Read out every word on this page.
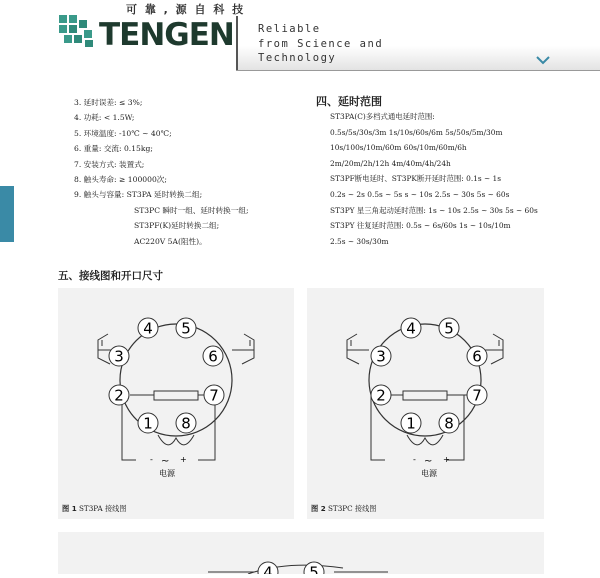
可 靠 , 源 自 科 技
TENGEN Reliable
from Science and
Technology
3. 延时误差: ≤ 3%;
4. 功耗: < 1.5W;
5. 环境温度: -10℃ ~ 40℃;
6. 重量: 交流: 0.15kg;
7. 安装方式: 装置式;
8. 触头寿命: ≥ 100000次;
9. 触头与容量: ST3PA 延时转换二组;
ST3PC 瞬时一组、延时转换一组;
ST3PF(K)延时转换二组;
AC220V 5A(阻性)。
四、延时范围
ST3PA(C)多档式通电延时范围:
0.5s/5s/30s/3m 1s/10s/60s/6m 5s/50s/5m/30m
10s/100s/10m/60m 60s/10m/60m/6h
2m/20m/2h/12h 4m/40m/4h/24h
ST3PF断电延时、ST3PK断开延时范围: 0.1s ~ 1s
0.2s ~ 2s 0.5s ~ 5s s ~ 10s 2.5s ~ 30s 5s ~ 60s
ST3PY 星三角起动延时范围: 1s ~ 10s 2.5s ~ 30s 5s ~ 60s
ST3PY 往复延时范围: 0.5s ~ 6s/60s 1s ~ 10s/10m
2.5s ~ 30s/30m
五、接线图和开口尺寸
4 5
3	6
2	7
1 8
- ~ +
电源
图 1 ST3PA 接线图
4 5
3	6
2	7
1 8
- ~ +
电源
图 2 ST3PC 接线图
4 5
